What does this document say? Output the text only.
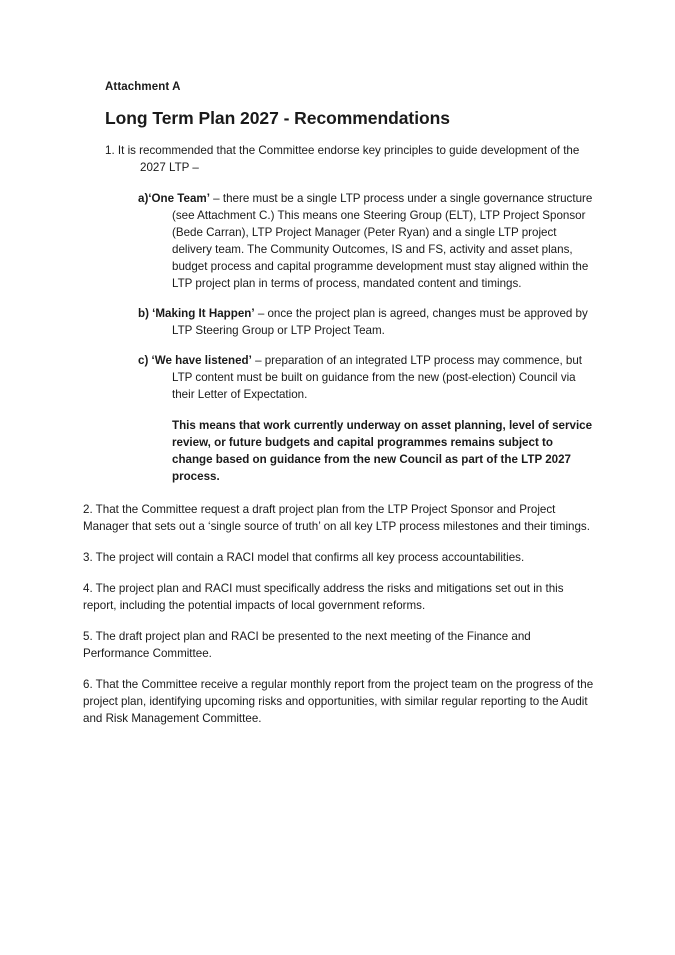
Attachment A
Long Term Plan 2027 - Recommendations

1. It is recommended that the Committee endorse key principles to guide development of the 2027 LTP –

a)‘One Team’ – there must be a single LTP process under a single governance structure (see Attachment C.) This means one Steering Group (ELT), LTP Project Sponsor (Bede Carran), LTP Project Manager (Peter Ryan) and a single LTP project delivery team. The Community Outcomes, IS and FS, activity and asset plans, budget process and capital programme development must stay aligned within the LTP project plan in terms of process, mandated content and timings.

b) ‘Making It Happen’ – once the project plan is agreed, changes must be approved by LTP Steering Group or LTP Project Team.

c) ‘We have listened’ – preparation of an integrated LTP process may commence, but LTP content must be built on guidance from the new (post-election) Council via their Letter of Expectation.

This means that work currently underway on asset planning, level of service review, or future budgets and capital programmes remains subject to change based on guidance from the new Council as part of the LTP 2027 process.

2. That the Committee request a draft project plan from the LTP Project Sponsor and Project Manager that sets out a ‘single source of truth’ on all key LTP process milestones and their timings.

3. The project will contain a RACI model that confirms all key process accountabilities.

4. The project plan and RACI must specifically address the risks and mitigations set out in this report, including the potential impacts of local government reforms.

5. The draft project plan and RACI be presented to the next meeting of the Finance and Performance Committee.

6. That the Committee receive a regular monthly report from the project team on the progress of the project plan, identifying upcoming risks and opportunities, with similar regular reporting to the Audit and Risk Management Committee.
